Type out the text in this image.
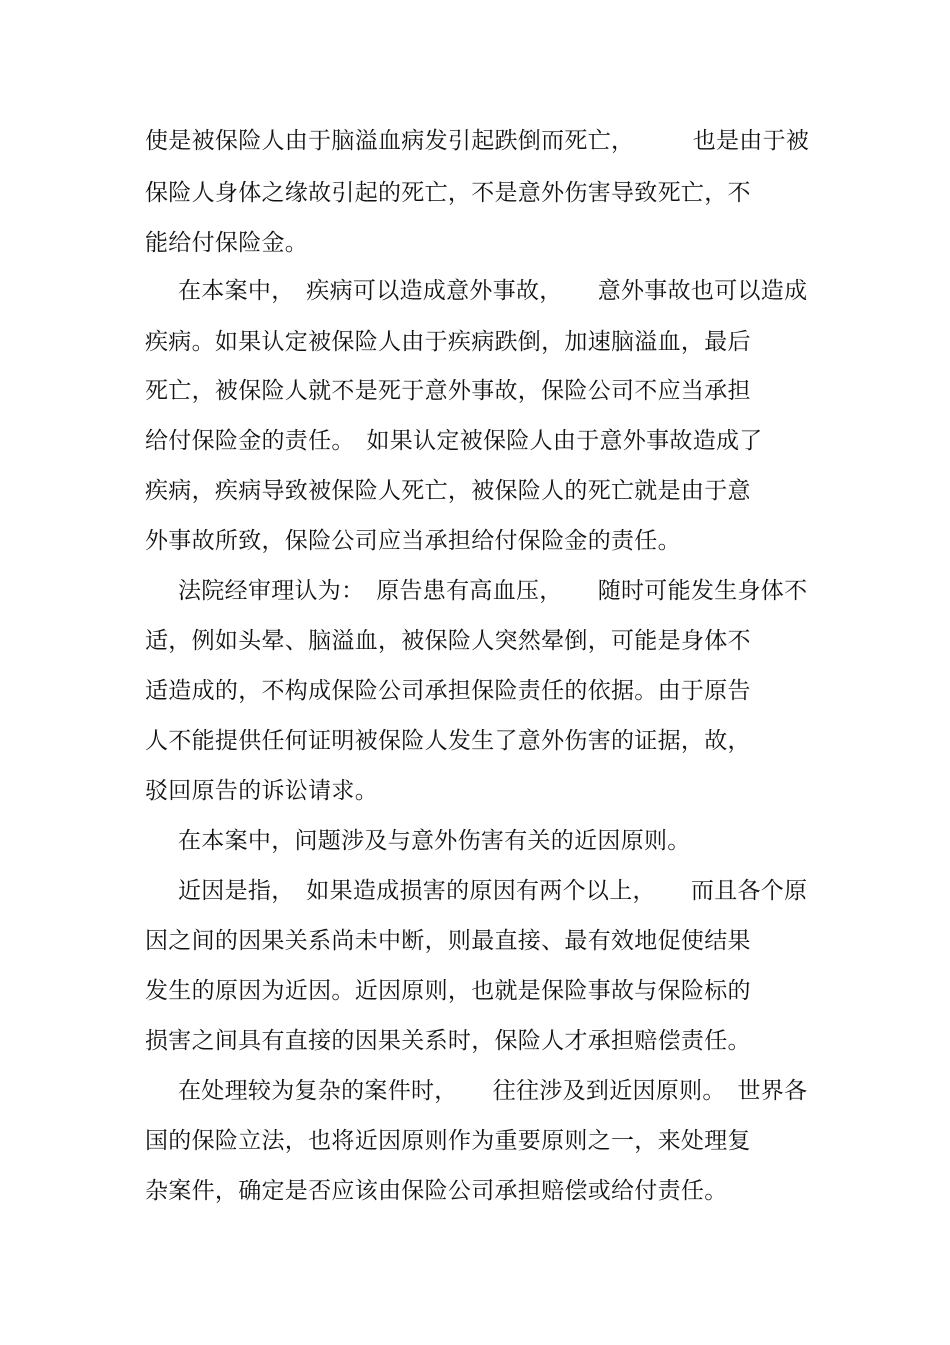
使是被保险人由于脑溢血病发引起跌倒而死亡，　　　也是由于被
保险人身体之缘故引起的死亡，不是意外伤害导致死亡，不
能给付保险金。
在本案中，　疾病可以造成意外事故，　　意外事故也可以造成
疾病。如果认定被保险人由于疾病跌倒，加速脑溢血，最后
死亡，被保险人就不是死于意外事故，保险公司不应当承担
给付保险金的责任。　如果认定被保险人由于意外事故造成了
疾病，疾病导致被保险人死亡，被保险人的死亡就是由于意
外事故所致，保险公司应当承担给付保险金的责任。
法院经审理认为：　原告患有高血压，　　随时可能发生身体不
适，例如头晕、脑溢血，被保险人突然晕倒，可能是身体不
适造成的，不构成保险公司承担保险责任的依据。由于原告
人不能提供任何证明被保险人发生了意外伤害的证据，故，
驳回原告的诉讼请求。
在本案中，问题涉及与意外伤害有关的近因原则。
近因是指，　如果造成损害的原因有两个以上，　　而且各个原
因之间的因果关系尚未中断，则最直接、最有效地促使结果
发生的原因为近因。近因原则，也就是保险事故与保险标的
损害之间具有直接的因果关系时，保险人才承担赔偿责任。
在处理较为复杂的案件时，　　往往涉及到近因原则。　世界各
国的保险立法，也将近因原则作为重要原则之一，来处理复
杂案件，确定是否应该由保险公司承担赔偿或给付责任。
